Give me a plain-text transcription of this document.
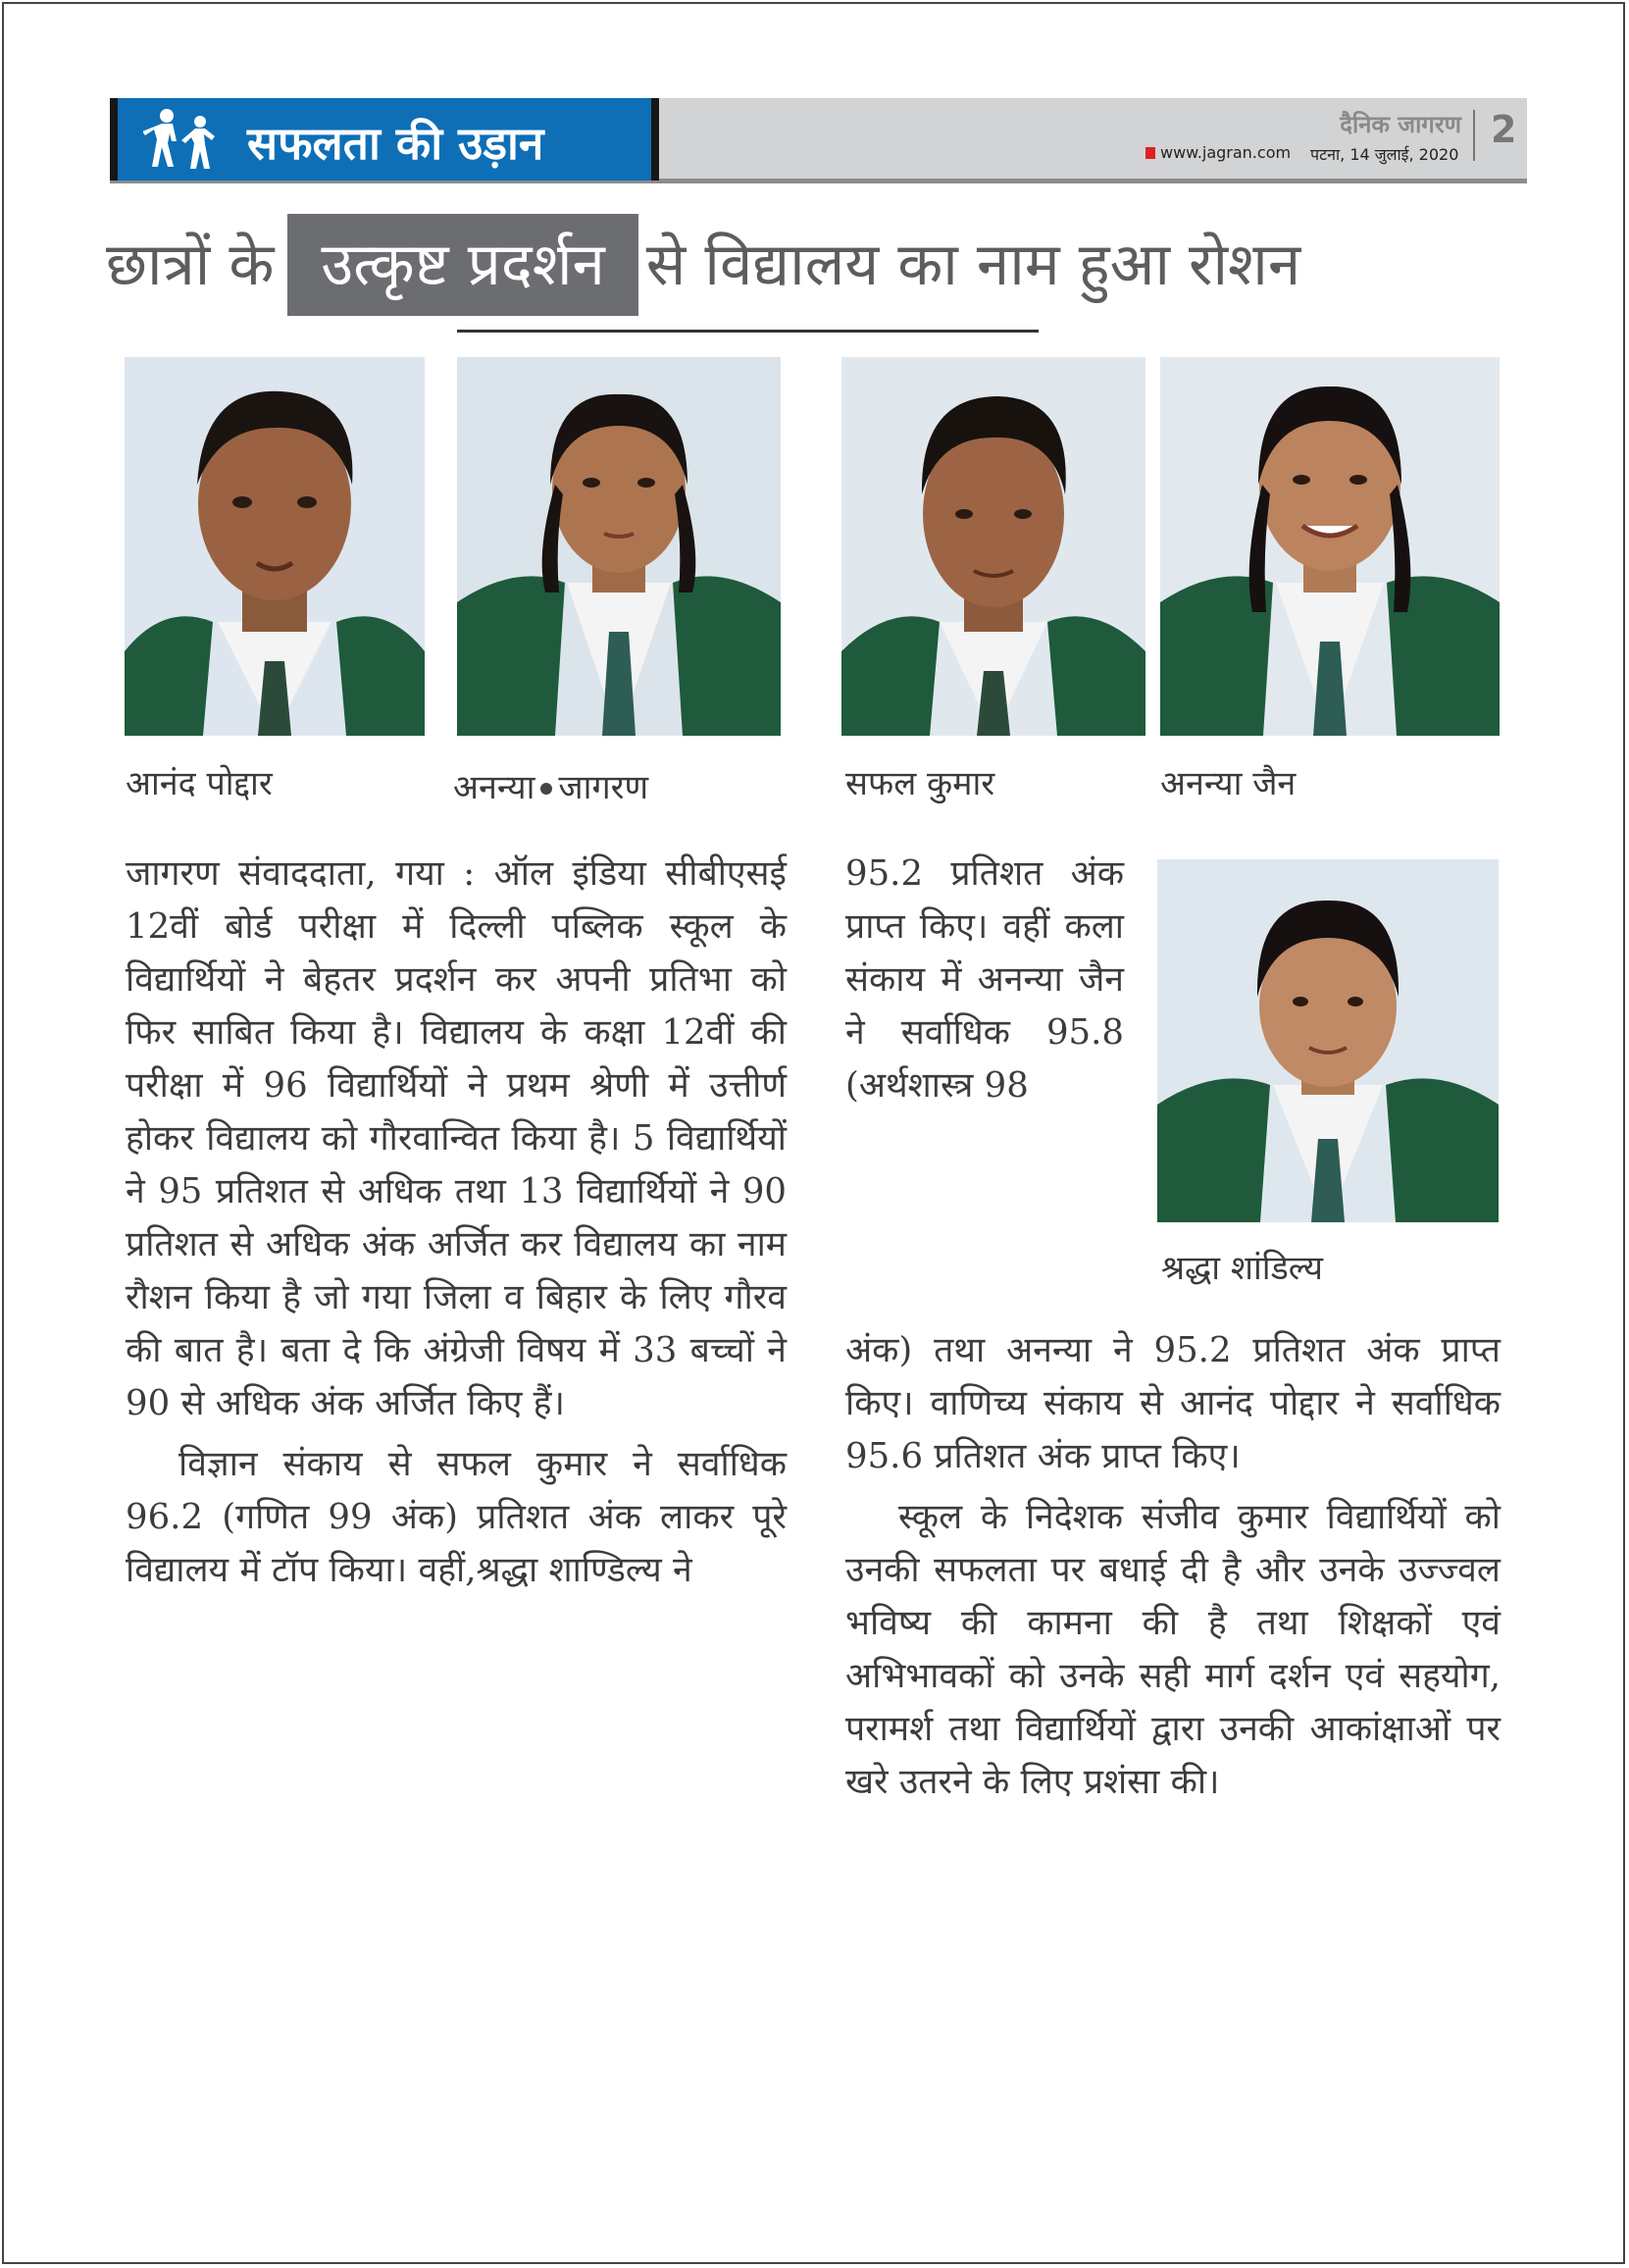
सफलता की उड़ान	दैनिक जागरण
www.jagran.com पटना, 14 जुलाई, 2020
2
छात्रों के उत्कृष्ट प्रदर्शन से विद्यालय का नाम हुआ रोशन
आनंद पोद्दार	अनन्या जागरण	सफल कुमार	अनन्या जैन
श्रद्धा शांडिल्य

जागरण संवाददाता, गया : ऑल इंडिया सीबीएसई 12वीं बोर्ड परीक्षा में दिल्ली पब्लिक स्कूल के विद्यार्थियों ने बेहतर प्रदर्शन कर अपनी प्रतिभा को फिर साबित किया है। विद्यालय के कक्षा 12वीं की परीक्षा में 96 विद्यार्थियों ने प्रथम श्रेणी में उत्तीर्ण होकर विद्यालय को गौरवान्वित किया है। 5 विद्यार्थियों ने 95 प्रतिशत से अधिक तथा 13 विद्यार्थियों ने 90 प्रतिशत से अधिक अंक अर्जित कर विद्यालय का नाम रौशन किया है जो गया जिला व बिहार के लिए गौरव की बात है। बता दे कि अंग्रेजी विषय में 33 बच्चों ने 90 से अधिक अंक अर्जित किए हैं।

विज्ञान संकाय से सफल कुमार ने सर्वाधिक 96.2 (गणित 99 अंक) प्रतिशत अंक लाकर पूरे विद्यालय में टॉप किया। वहीं,श्रद्धा शाण्डिल्य ने

95.2 प्रतिशत अंक प्राप्त किए। वहीं कला संकाय में अनन्या जैन ने सर्वाधिक 95.8 (अर्थशास्त्र 98

अंक) तथा अनन्या ने 95.2 प्रतिशत अंक प्राप्त किए। वाणिच्य संकाय से आनंद पोद्दार ने सर्वाधिक 95.6 प्रतिशत अंक प्राप्त किए।

स्कूल के निदेशक संजीव कुमार विद्यार्थियों को उनकी सफलता पर बधाई दी है और उनके उज्ज्वल भविष्य की कामना की है तथा शिक्षकों एवं अभिभावकों को उनके सही मार्ग दर्शन एवं सहयोग, परामर्श तथा विद्यार्थियों द्वारा उनकी आकांक्षाओं पर खरे उतरने के लिए प्रशंसा की।
